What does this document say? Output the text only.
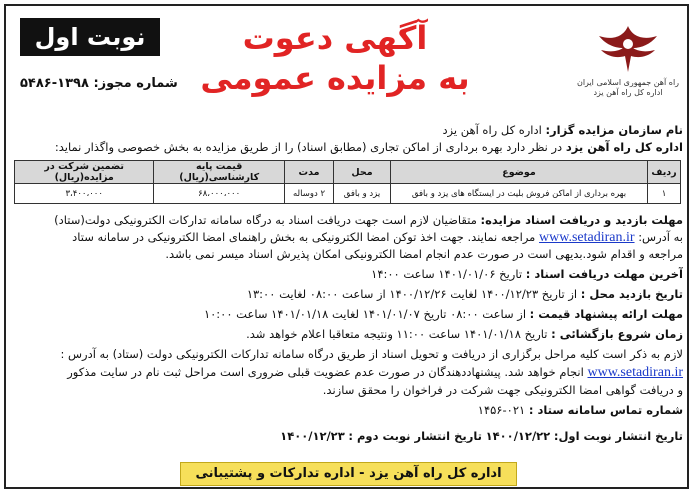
راه آهن جمهوری اسلامی ایران
اداره کل راه آهن یزد
آگهی دعوت
به مزایده عمومی
نوبت اول
شماره مجوز: ۱۳۹۸-۵۴۸۶
نام سازمان مزایده گزار: اداره کل راه آهن یزد
اداره کل راه آهن یزد در نظر دارد بهره برداری از اماکن تجاری (مطابق اسناد) را از طریق مزایده به بخش خصوصی واگذار نماید:
ردیف	موضوع	محل	مدت	قیمت پایه کارشناسی(ریال)	تضمین شرکت در مزایده(ریال)
۱	بهره برداری از اماکن فروش بلیت در ایستگاه های یزد و بافق	یزد و بافق	۲ دوساله	۶۸،۰۰۰،۰۰۰	۳،۴۰۰،۰۰۰
مهلت بازدید و دریافت اسناد مزایده: متقاضیان لازم است جهت دریافت اسناد به درگاه سامانه تدارکات الکترونیکی دولت(ستاد)
به آدرس: www.setadiran.ir مراجعه نمایند. جهت اخذ توکن امضا الکترونیکی به بخش راهنمای امضا الکترونیکی در سامانه ستاد
مراجعه و اقدام شود.بدیهی است در صورت عدم انجام امضا الکترونیکی امکان پذیرش اسناد میسر نمی باشد.
آخرین مهلت دریافت اسناد : تاریخ ۱۴۰۱/۰۱/۰۶ ساعت ۱۴:۰۰
تاریخ بازدید محل : از تاریخ ۱۴۰۰/۱۲/۲۳ لغایت ۱۴۰۰/۱۲/۲۶ از ساعت ۰۸:۰۰ لغایت ۱۳:۰۰
مهلت ارائه پیشنهاد قیمت : از ساعت ۰۸:۰۰ تاریخ ۱۴۰۱/۰۱/۰۷ لغایت ۱۴۰۱/۰۱/۱۸ ساعت ۱۰:۰۰
زمان شروع بازگشائی : تاریخ ۱۴۰۱/۰۱/۱۸ ساعت ۱۱:۰۰ ونتیجه متعاقبا اعلام خواهد شد.
لازم به ذکر است کلیه مراحل برگزاری از دریافت و تحویل اسناد از طریق درگاه سامانه تدارکات الکترونیکی دولت (ستاد) به آدرس :
www.setadiran.ir انجام خواهد شد. پیشنهاددهندگان در صورت عدم عضویت قبلی ضروری است مراحل ثبت نام در سایت مذکور
و دریافت گواهی امضا الکترونیکی جهت شرکت در فراخوان را محقق سازند.
شماره تماس سامانه ستاد : ۰۲۱-۱۴۵۶
تاریخ انتشار نوبت اول: ۱۴۰۰/۱۲/۲۲ تاریخ انتشار نوبت دوم : ۱۴۰۰/۱۲/۲۳
اداره کل راه آهن یزد - اداره تدارکات و پشتیبانی
